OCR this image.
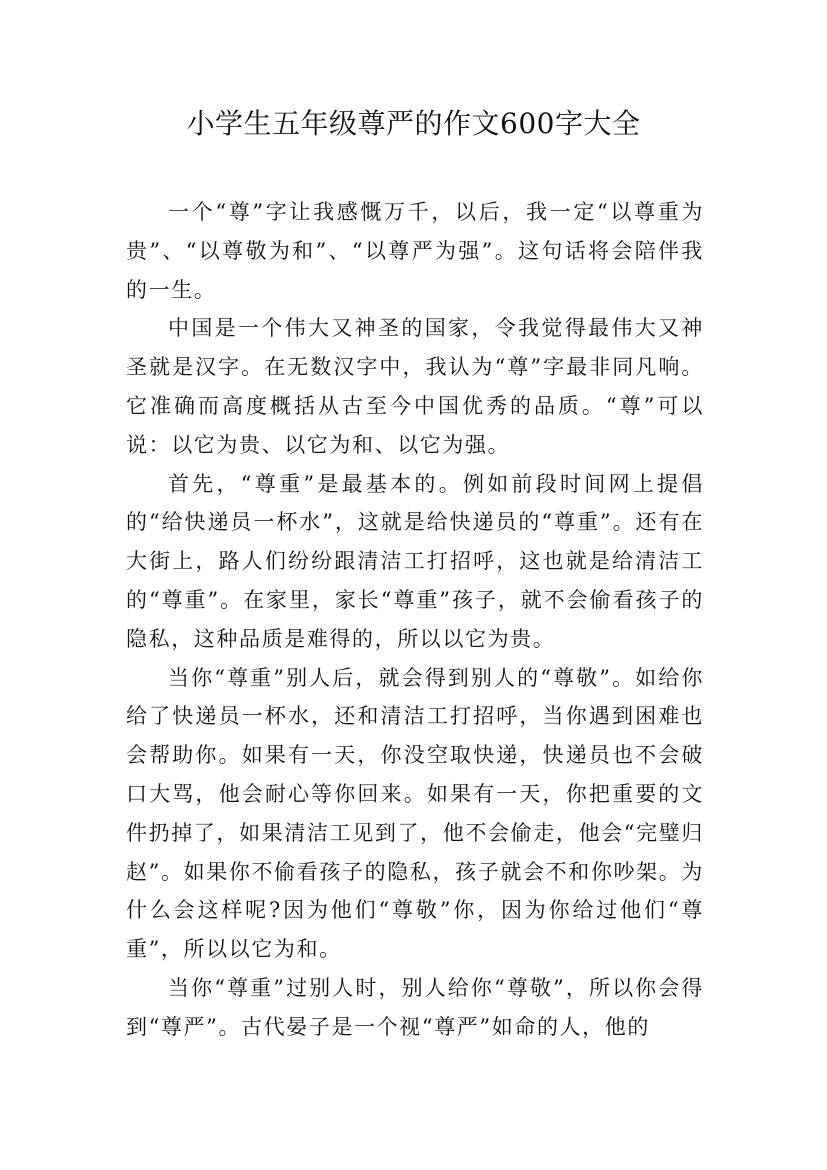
小学生五年级尊严的作文600字大全

一个“尊”字让我感慨万千，以后，我一定“以尊重为贵”、“以尊敬为和”、“以尊严为强”。这句话将会陪伴我的一生。

中国是一个伟大又神圣的国家，令我觉得最伟大又神圣就是汉字。在无数汉字中，我认为“尊”字最非同凡响。它准确而高度概括从古至今中国优秀的品质。“尊”可以说：以它为贵、以它为和、以它为强。

首先，“尊重”是最基本的。例如前段时间网上提倡的“给快递员一杯水”，这就是给快递员的“尊重”。还有在大街上，路人们纷纷跟清洁工打招呼，这也就是给清洁工的“尊重”。在家里，家长“尊重”孩子，就不会偷看孩子的隐私，这种品质是难得的，所以以它为贵。

当你“尊重”别人后，就会得到别人的“尊敬”。如给你给了快递员一杯水，还和清洁工打招呼，当你遇到困难也会帮助你。如果有一天，你没空取快递，快递员也不会破口大骂，他会耐心等你回来。如果有一天，你把重要的文件扔掉了，如果清洁工见到了，他不会偷走，他会“完璧归赵”。如果你不偷看孩子的隐私，孩子就会不和你吵架。为什么会这样呢?因为他们“尊敬”你，因为你给过他们“尊重”，所以以它为和。

当你“尊重”过别人时，别人给你“尊敬”，所以你会得到“尊严”。古代晏子是一个视“尊严”如命的人，他的
